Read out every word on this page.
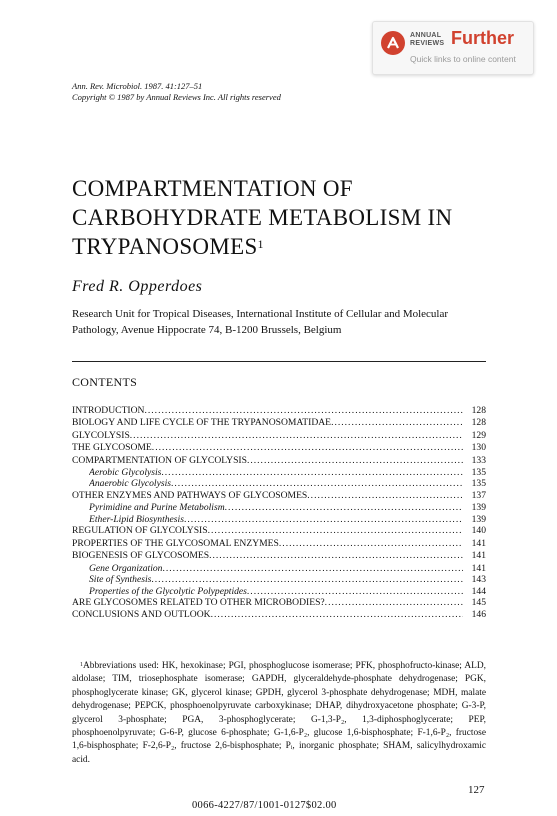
ANNUAL
REVIEWS Further
Quick links to online content
Ann. Rev. Microbiol. 1987. 41:127–51
Copyright © 1987 by Annual Reviews Inc. All rights reserved
COMPARTMENTATION OF
CARBOHYDRATE METABOLISM IN
TRYPANOSOMES$^1$
Fred R. Opperdoes
Research Unit for Tropical Diseases, International Institute of Cellular and Molecular
Pathology, Avenue Hippocrate 74, B-1200 Brussels, Belgium
CONTENTS
INTRODUCTION .....	128
BIOLOGY AND LIFE CYCLE OF THE TRYPANOSOMATIDAE .....	128
GLYCOLYSIS .....	129
THE GLYCOSOME .....	130
COMPARTMENTATION OF GLYCOLYSIS .....	133
Aerobic Glycolysis .....	135
Anaerobic Glycolysis .....	135
OTHER ENZYMES AND PATHWAYS OF GLYCOSOMES .....	137
Pyrimidine and Purine Metabolism .....	139
Ether-Lipid Biosynthesis .....	139
REGULATION OF GLYCOLYSIS .....	140
PROPERTIES OF THE GLYCOSOMAL ENZYMES .....	141
BIOGENESIS OF GLYCOSOMES .....	141
Gene Organization .....	141
Site of Synthesis .....	143
Properties of the Glycolytic Polypeptides .....	144
ARE GLYCOSOMES RELATED TO OTHER MICROBODIES? .....	145
CONCLUSIONS AND OUTLOOK .....	146
$^1$Abbreviations used: HK, hexokinase; PGI, phosphoglucose isomerase; PFK, phosphofructo-kinase; ALD, aldolase; TIM, triosephosphate isomerase; GAPDH, glyceraldehyde-phosphate dehydrogenase; PGK, phosphoglycerate kinase; GK, glycerol kinase; GPDH, glycerol 3-phosphate dehydrogenase; MDH, malate dehydrogenase; PEPCK, phosphoenolpyruvate carboxykinase; DHAP, dihydroxyacetone phosphate; G-3-P, glycerol 3-phosphate; PGA, 3-phosphoglycerate; G-1,3-P₂, 1,3-diphosphoglycerate; PEP, phosphoenolpyruvate; G-6-P, glucose 6-phosphate; G-1,6-P₂, glucose 1,6-bisphosphate; F-1,6-P₂, fructose 1,6-bisphosphate; F-2,6-P₂, fructose 2,6-bisphosphate; Pᵢ, inorganic phosphate; SHAM, salicylhydroxamic acid.
127
0066-4227/87/1001-0127$02.00
